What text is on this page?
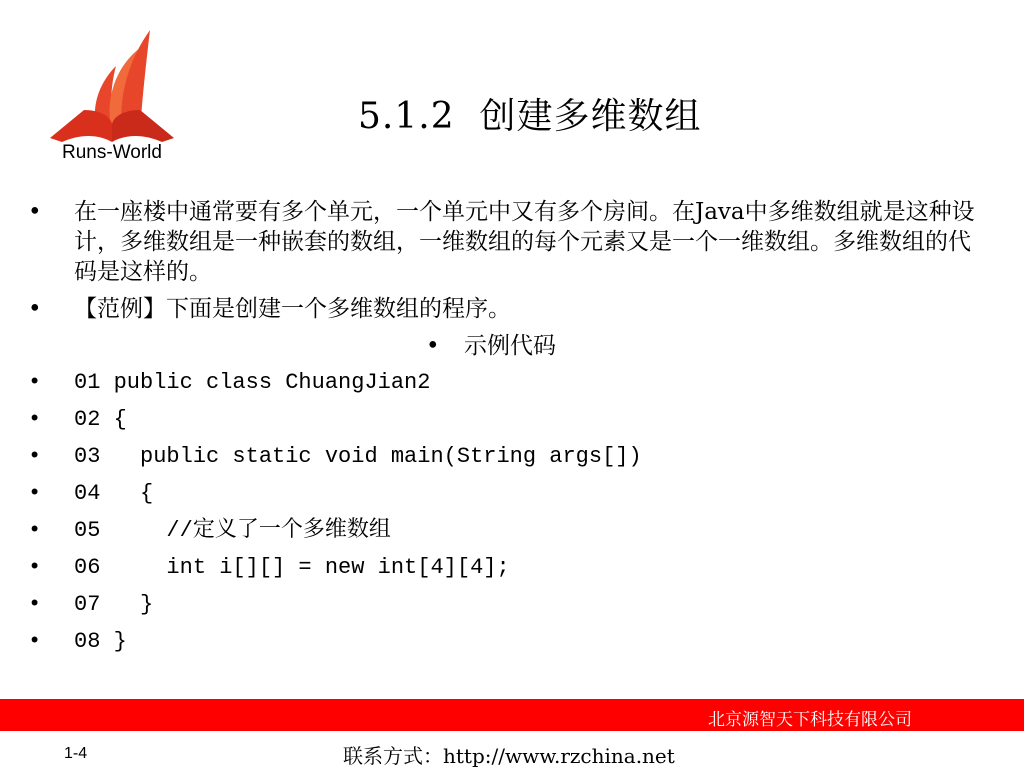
Runs-World
5.1.2  创建多维数组
• 在一座楼中通常要有多个单元，一个单元中又有多个房间。在Java中多维数组就是这种设计，多维数组是一种嵌套的数组，一维数组的每个元素又是一个一维数组。多维数组的代码是这样的。
• 【范例】下面是创建一个多维数组的程序。
• 示例代码
•	01 public class ChuangJian2
•	02 {
•	03   public static void main(String args[])
•	04   {
•	05     //定义了一个多维数组
•	06     int i[][] = new int[4][4];
•	07   }
•	08 }
北京源智天下科技有限公司
1-4	联系方式：http://www.rzchina.net
